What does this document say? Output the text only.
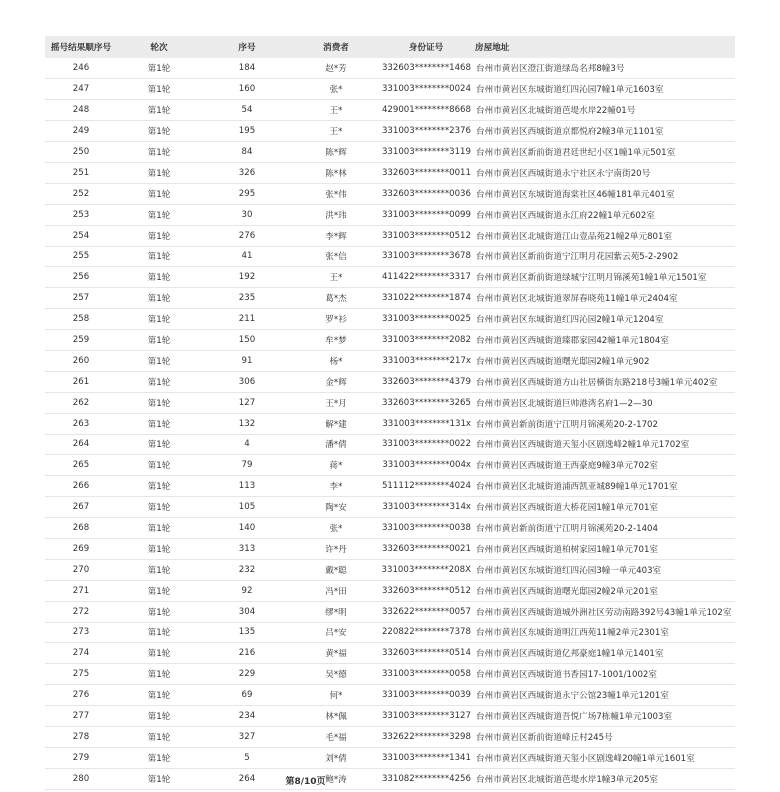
摇号结果顺序号	轮次	序号	消费者	身份证号	房屋地址
246	第1轮	184	赵*芳	332603********1468	台州市黄岩区澄江街道绿岛名邦8幢3号
247	第1轮	160	张*	331003********0024	台州市黄岩区东城街道红四沁园7幢1单元1603室
248	第1轮	54	王*	429001********8668	台州市黄岩区北城街道芭堤水岸22幢01号
249	第1轮	195	王*	331003********2376	台州市黄岩区西城街道京都悦府2幢3单元1101室
250	第1轮	84	陈*辉	331003********3119	台州市黄岩区新前街道君廷世纪小区1幢1单元501室
251	第1轮	326	陈*林	332603********0011	台州市黄岩区西城街道永宁社区永宁南街20号
252	第1轮	295	张*伟	332603********0036	台州市黄岩区东城街道海棠社区46幢181单元401室
253	第1轮	30	洪*玮	331003********0099	台州市黄岩区西城街道永江府22幢1单元602室
254	第1轮	276	李*辉	331003********0512	台州市黄岩区北城街道江山壹品苑21幢2单元801室
255	第1轮	41	张*信	331003********3678	台州市黄岩区新前街道宁江明月花园紫云苑5-2-2902
256	第1轮	192	王*	411422********3317	台州市黄岩区新前街道绿城宁江明月锦溪苑1幢1单元1501室
257	第1轮	235	葛*杰	331022********1874	台州市黄岩区北城街道翠屏春晓苑11幢1单元2404室
258	第1轮	211	罗*衫	331003********0025	台州市黄岩区东城街道红四沁园2幢1单元1204室
259	第1轮	150	牟*梦	331003********2082	台州市黄岩区西城街道臻郡家园42幢1单元1804室
260	第1轮	91	杨*	331003********217x	台州市黄岩区西城街道曙光邸园2幢1单元902
261	第1轮	306	金*辉	332603********4379	台州市黄岩区西城街道方山社居横街东路218号3幢1单元402室
262	第1轮	127	王*月	332603********3265	台州市黄岩区北城街道巨帅港湾名府1—2—30
263	第1轮	132	解*建	331003********131x	台州市黄岩新前街道宁江明月锦溪苑20-2-1702
264	第1轮	4	潘*倩	331003********0022	台州市黄岩区西城街道天玺小区剧逸峰2幢1单元1702室
265	第1轮	79	蒋*	331003********004x	台州市黄岩区西城街道王西豪庭9幢3单元702室
266	第1轮	113	李*	511112********4024	台州市黄岩区北城街道浦西凯亚城89幢1单元1701室
267	第1轮	105	陶*安	331003********314x	台州市黄岩区西城街道大桥花园1幢1单元701室
268	第1轮	140	张*	331003********0038	台州市黄岩新前街道宁江明月锦溪苑20-2-1404
269	第1轮	313	许*丹	332603********0021	台州市黄岩区西城街道柏树家园1幢1单元701室
270	第1轮	232	戴*聪	331003********208X	台州市黄岩区东城街道红四沁园3幢一单元403室
271	第1轮	92	冯*田	332603********0512	台州市黄岩区西城街道曙光邸园2幢2单元201室
272	第1轮	304	缪*明	332622********0057	台州市黄岩区西城街道城外洲社区劳动南路392号43幢1单元102室
273	第1轮	135	吕*安	220822********7378	台州市黄岩区东城街道明江西苑11幢2单元2301室
274	第1轮	216	黄*福	332603********0514	台州市黄岩区西城街道亿邦豪庭1幢1单元1401室
275	第1轮	229	吴*德	331003********0058	台州市黄岩区西城街道书香园17-1001/1002室
276	第1轮	69	何*	331003********0039	台州市黄岩区西城街道永宁公馆23幢1单元1201室
277	第1轮	234	林*佩	331003********3127	台州市黄岩区西城街道吾悦广场7栋幢1单元1003室
278	第1轮	327	毛*福	332622********3298	台州市黄岩区新前街道峰丘村245号
279	第1轮	5	刘*倩	331003********1341	台州市黄岩区西城街道天玺小区剧逸峰20幢1单元1601室
280	第1轮	264	鲍*涛	331082********4256	台州市黄岩区北城街道芭堤水岸1幢3单元205室
第8/10页
